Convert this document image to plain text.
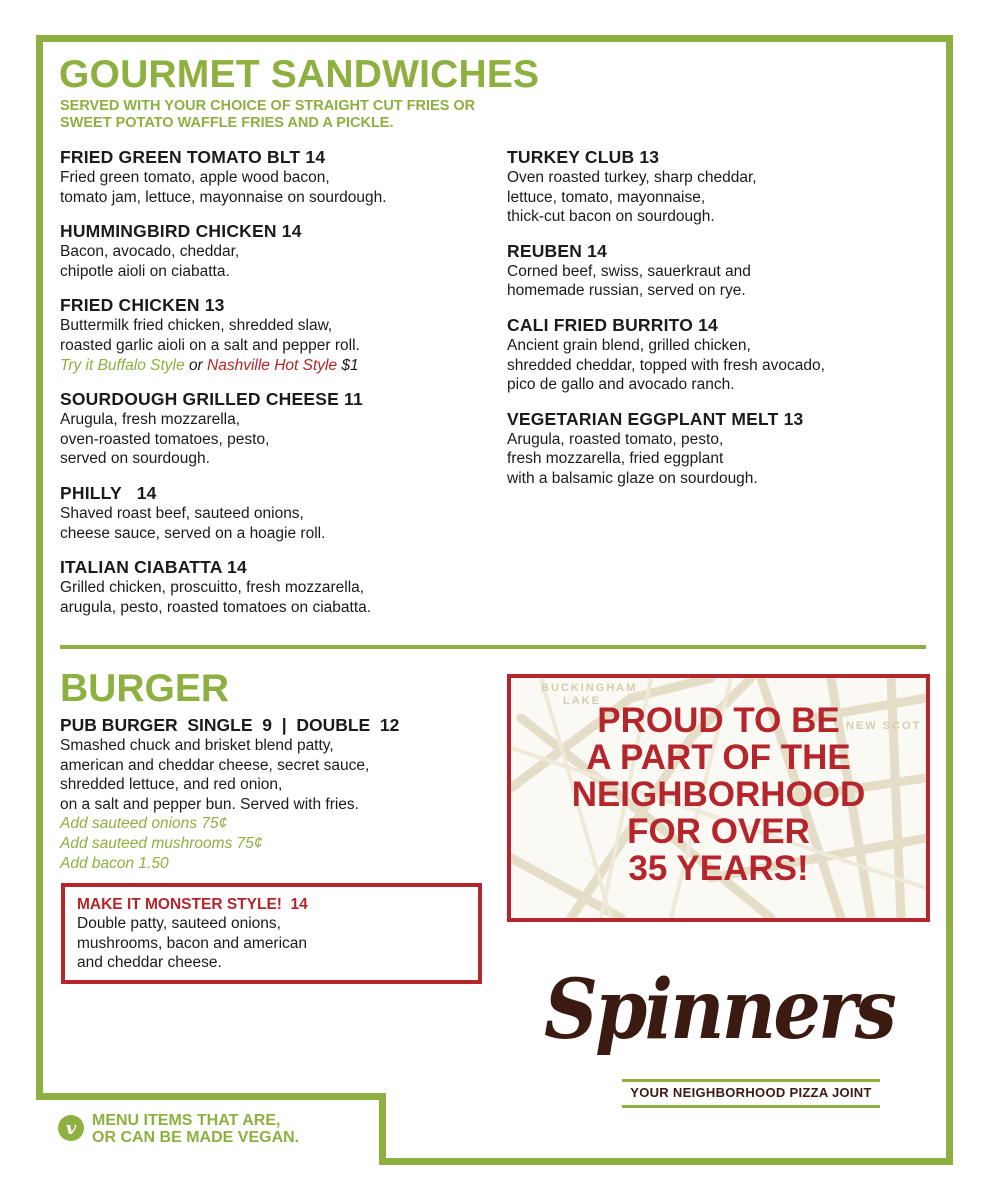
GOURMET SANDWICHES
SERVED WITH YOUR CHOICE OF STRAIGHT CUT FRIES OR
SWEET POTATO WAFFLE FRIES AND A PICKLE.
FRIED GREEN TOMATO BLT 14
Fried green tomato, apple wood bacon,
tomato jam, lettuce, mayonnaise on sourdough.
HUMMINGBIRD CHICKEN 14
Bacon, avocado, cheddar,
chipotle aioli on ciabatta.
FRIED CHICKEN 13
Buttermilk fried chicken, shredded slaw,
roasted garlic aioli on a salt and pepper roll.
Try it Buffalo Style or Nashville Hot Style $1
SOURDOUGH GRILLED CHEESE 11
Arugula, fresh mozzarella,
oven-roasted tomatoes, pesto,
served on sourdough.
PHILLY   14
Shaved roast beef, sauteed onions,
cheese sauce, served on a hoagie roll.
ITALIAN CIABATTA 14
Grilled chicken, proscuitto, fresh mozzarella,
arugula, pesto, roasted tomatoes on ciabatta.
TURKEY CLUB 13
Oven roasted turkey, sharp cheddar,
lettuce, tomato, mayonnaise,
thick-cut bacon on sourdough.
REUBEN 14
Corned beef, swiss, sauerkraut and
homemade russian, served on rye.
CALI FRIED BURRITO 14
Ancient grain blend, grilled chicken,
shredded cheddar, topped with fresh avocado,
pico de gallo and avocado ranch.
VEGETARIAN EGGPLANT MELT 13
Arugula, roasted tomato, pesto,
fresh mozzarella, fried eggplant
with a balsamic glaze on sourdough.
BURGER
PUB BURGER  SINGLE  9  |  DOUBLE  12
Smashed chuck and brisket blend patty,
american and cheddar cheese, secret sauce,
shredded lettuce, and red onion,
on a salt and pepper bun. Served with fries.
Add sauteed onions 75¢
Add sauteed mushrooms 75¢
Add bacon 1.50
MAKE IT MONSTER STYLE!  14
Double patty, sauteed onions,
mushrooms, bacon and american
and cheddar cheese.
BUCKINGHAM
LAKE
NEW SCOT
PROUD TO BE
A PART OF THE
NEIGHBORHOOD
FOR OVER
35 YEARS!
Spinners
YOUR NEIGHBORHOOD PIZZA JOINT
v MENU ITEMS THAT ARE,
OR CAN BE MADE VEGAN.
